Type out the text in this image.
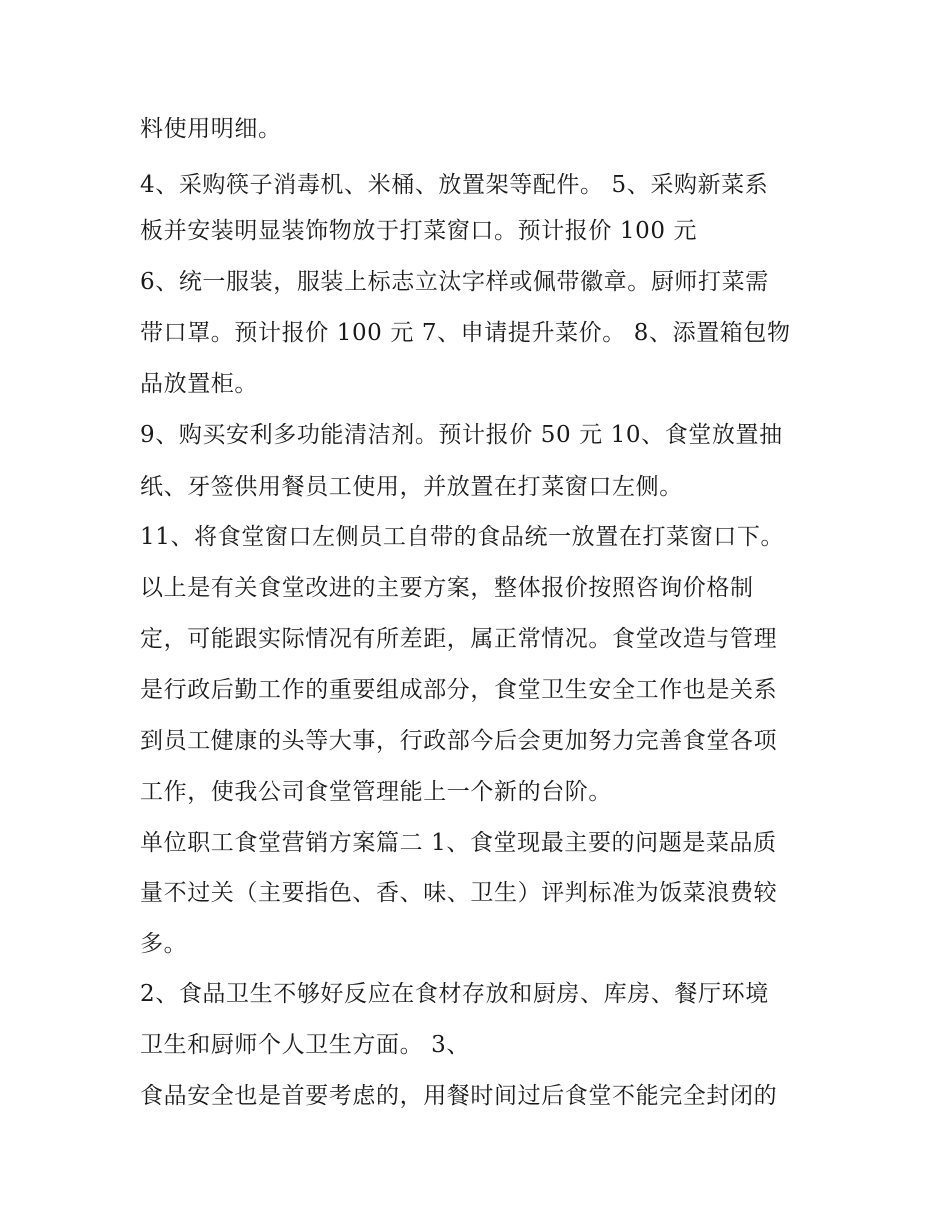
料使用明细。

4、采购筷子消毒机、米桶、放置架等配件。 5、采购新菜系

板并安装明显装饰物放于打菜窗口。预计报价 100 元

6、统一服装，服装上标志立汰字样或佩带徽章。厨师打菜需

带口罩。预计报价 100 元 7、申请提升菜价。 8、添置箱包物

品放置柜。

9、购买安利多功能清洁剂。预计报价 50 元 10、食堂放置抽

纸、牙签供用餐员工使用，并放置在打菜窗口左侧。

11、将食堂窗口左侧员工自带的食品统一放置在打菜窗口下。

以上是有关食堂改进的主要方案，整体报价按照咨询价格制

定，可能跟实际情况有所差距，属正常情况。食堂改造与管理

是行政后勤工作的重要组成部分，食堂卫生安全工作也是关系

到员工健康的头等大事，行政部今后会更加努力完善食堂各项

工作，使我公司食堂管理能上一个新的台阶。

单位职工食堂营销方案篇二 1、食堂现最主要的问题是菜品质

量不过关（主要指色、香、味、卫生）评判标准为饭菜浪费较

多。

2、食品卫生不够好反应在食材存放和厨房、库房、餐厅环境

卫生和厨师个人卫生方面。 3、

食品安全也是首要考虑的，用餐时间过后食堂不能完全封闭的
